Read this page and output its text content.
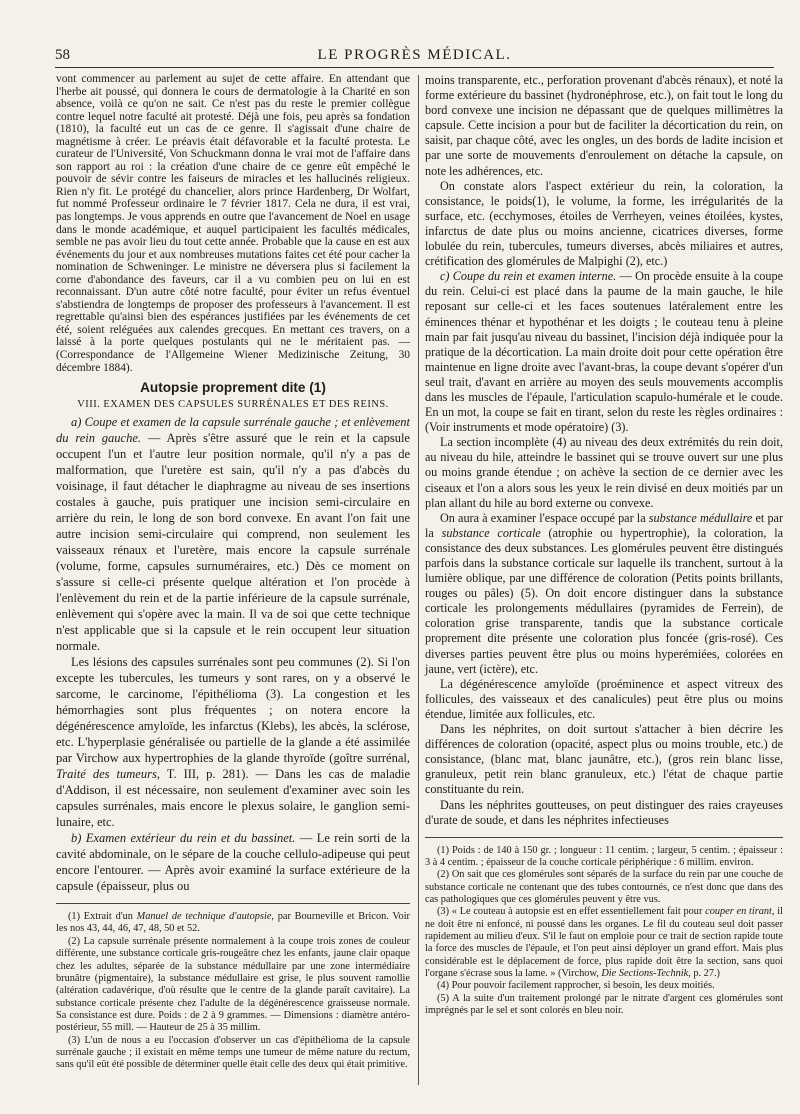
58	LE PROGRÈS MÉDICAL.

vont commencer au parlement au sujet de cette affaire. En attendant que l'herbe ait poussé, qui donnera le cours de dermatologie à la Charité en son absence, voilà ce qu'on ne sait. Ce n'est pas du reste le premier collègue contre lequel notre faculté ait protesté. Déjà une fois, peu après sa fondation (1810), la faculté eut un cas de ce genre. Il s'agissait d'une chaire de magnétisme à créer. Le préavis était défavorable et la faculté protesta. Le curateur de l'Université, Von Schuckmann donna le vrai mot de l'affaire dans son rapport au roi : la création d'une chaire de ce genre eût empêché le pouvoir de sévir contre les faiseurs de miracles et les hallucinés religieux. Rien n'y fit. Le protégé du chancelier, alors prince Hardenberg, Dr Wolfart, fut nommé Professeur ordinaire le 7 février 1817. Cela ne dura, il est vrai, pas longtemps. Je vous apprends en outre que l'avancement de Noel en usage dans le monde académique, et auquel participaient les facultés médicales, semble ne pas avoir lieu du tout cette année. Probable que la cause en est aux événements du jour et aux nombreuses mutations faites cet été pour cacher la nomination de Schweninger. Le ministre ne déversera plus si facilement la corne d'abondance des faveurs, car il a vu combien peu on lui en est reconnaissant. D'un autre côté notre faculté, pour éviter un refus éventuel s'abstiendra de longtemps de proposer des professeurs à l'avancement. Il est regrettable qu'ainsi bien des espérances justifiées par les événements de cet été, soient reléguées aux calendes grecques. En mettant ces travers, on a laissé à la porte quelques postulants qui ne le méritaient pas. — (Correspondance de l'Allgemeine Wiener Medizinische Zeitung, 30 décembre 1884).

Autopsie proprement dite (1)
VIII. EXAMEN DES CAPSULES SURRÉNALES ET DES REINS.

a) Coupe et examen de la capsule surrénale gauche ; et enlèvement du rein gauche. — Après s'être assuré que le rein et la capsule occupent l'un et l'autre leur position normale, qu'il n'y a pas de malformation, que l'uretère est sain, qu'il n'y a pas d'abcès du voisinage, il faut détacher le diaphragme au niveau de ses insertions costales à gauche, puis pratiquer une incision semi-circulaire en arrière du rein, le long de son bord convexe. En avant l'on fait une autre incision semi-circulaire qui comprend, non seulement les vaisseaux rénaux et l'uretère, mais encore la capsule surrénale (volume, forme, capsules surnuméraires, etc.) Dès ce moment on s'assure si celle-ci présente quelque altération et l'on procède à l'enlèvement du rein et de la partie inférieure de la capsule surrénale, enlèvement qui s'opère avec la main. Il va de soi que cette technique n'est applicable que si la capsule et le rein occupent leur situation normale.

Les lésions des capsules surrénales sont peu communes (2). Si l'on excepte les tubercules, les tumeurs y sont rares, on y a observé le sarcome, le carcinome, l'épithélioma (3). La congestion et les hémorrhagies sont plus fréquentes ; on notera encore la dégénérescence amyloïde, les infarctus (Klebs), les abcès, la sclérose, etc. L'hyperplasie généralisée ou partielle de la glande a été assimilée par Virchow aux hypertrophies de la glande thyroïde (goître surrénal, Traité des tumeurs, T. III, p. 281). — Dans les cas de maladie d'Addison, il est nécessaire, non seulement d'examiner avec soin les capsules surrénales, mais encore le plexus solaire, le ganglion semi-lunaire, etc.

b) Examen extérieur du rein et du bassinet. — Le rein sorti de la cavité abdominale, on le sépare de la couche cellulo-adipeuse qui peut encore l'entourer. — Après avoir examiné la surface extérieure de la capsule (épaisseur, plus ou

(1) Extrait d'un Manuel de technique d'autopsie, par Bourneville et Bricon. Voir les nos 43, 44, 46, 47, 48, 50 et 52.

(2) La capsule surrénale présente normalement à la coupe trois zones de couleur différente, une substance corticale gris-rougeâtre chez les enfants, jaune clair opaque chez les adultes, séparée de la substance médullaire par une zone intermédiaire brunâtre (pigmentaire), la substance médullaire est grise, le plus souvent ramollie (altération cadavérique, d'où résulte que le centre de la glande paraît cavitaire). La substance corticale présente chez l'adulte de la dégénérescence graisseuse normale. Sa consistance est dure. Poids : de 2 à 9 grammes. — Dimensions : diamètre antéro-postérieur, 55 mill. — Hauteur de 25 à 35 millim.

(3) L'un de nous a eu l'occasion d'observer un cas d'épithélioma de la capsule surrénale gauche ; il existait en même temps une tumeur de même nature du rectum, sans qu'il eût été possible de déterminer quelle était celle des deux qui était primitive.

moins transparente, etc., perforation provenant d'abcès rénaux), et noté la forme extérieure du bassinet (hydronéphrose, etc.), on fait tout le long du bord convexe une incision ne dépassant que de quelques millimètres la capsule. Cette incision a pour but de faciliter la décortication du rein, on saisit, par chaque côté, avec les ongles, un des bords de ladite incision et par une sorte de mouvements d'enroulement on détache la capsule, on note les adhérences, etc.

On constate alors l'aspect extérieur du rein, la coloration, la consistance, le poids(1), le volume, la forme, les irrégularités de la surface, etc. (ecchymoses, étoiles de Verrheyen, veines étoilées, kystes, infarctus de date plus ou moins ancienne, cicatrices diverses, forme lobulée du rein, tubercules, tumeurs diverses, abcès miliaires et autres, crétification des glomérules de Malpighi (2), etc.)

c) Coupe du rein et examen interne. — On procède ensuite à la coupe du rein. Celui-ci est placé dans la paume de la main gauche, le hile reposant sur celle-ci et les faces soutenues latéralement entre les éminences thénar et hypothénar et les doigts ; le couteau tenu à pleine main par fait jusqu'au niveau du bassinet, l'incision déjà indiquée pour la pratique de la décortication. La main droite doit pour cette opération être maintenue en ligne droite avec l'avant-bras, la coupe devant s'opérer d'un seul trait, d'avant en arrière au moyen des seuls mouvements accomplis dans les muscles de l'épaule, l'articulation scapulo-humérale et le coude. En un mot, la coupe se fait en tirant, selon du reste les règles ordinaires : (Voir instruments et mode opératoire) (3).

La section incomplète (4) au niveau des deux extrémités du rein doit, au niveau du hile, atteindre le bassinet qui se trouve ouvert sur une plus ou moins grande étendue ; on achève la section de ce dernier avec les ciseaux et l'on a alors sous les yeux le rein divisé en deux moitiés par un plan allant du hile au bord externe ou convexe.

On aura à examiner l'espace occupé par la substance médullaire et par la substance corticale (atrophie ou hypertrophie), la coloration, la consistance des deux substances. Les glomérules peuvent être distingués parfois dans la substance corticale sur laquelle ils tranchent, surtout à la lumière oblique, par une différence de coloration (Petits points brillants, rouges ou pâles) (5). On doit encore distinguer dans la substance corticale les prolongements médullaires (pyramides de Ferrein), de coloration grise transparente, tandis que la substance corticale proprement dite présente une coloration plus foncée (gris-rosé). Ces diverses parties peuvent être plus ou moins hyperémiées, colorées en jaune, vert (ictère), etc.

La dégénérescence amyloïde (proéminence et aspect vitreux des follicules, des vaisseaux et des canalicules) peut être plus ou moins étendue, limitée aux follicules, etc.

Dans les néphrites, on doit surtout s'attacher à bien décrire les différences de coloration (opacité, aspect plus ou moins trouble, etc.) de consistance, (blanc mat, blanc jaunâtre, etc.), (gros rein blanc lisse, granuleux, petit rein blanc granuleux, etc.) l'état de chaque partie constituante du rein.

Dans les néphrites goutteuses, on peut distinguer des raies crayeuses d'urate de soude, et dans les néphrites infectieuses

(1) Poids : de 140 à 150 gr. ; longueur : 11 centim. ; largeur, 5 centim. ; épaisseur : 3 à 4 centim. ; épaisseur de la couche corticale périphérique : 6 millim. environ.

(2) On sait que ces glomérules sont séparés de la surface du rein par une couche de substance corticale ne contenant que des tubes contournés, ce n'est donc que dans des cas pathologiques que ces glomérules peuvent y être vus.

(3) « Le couteau à autopsie est en effet essentiellement fait pour couper en tirant, il ne doit être ni enfoncé, ni poussé dans les organes. Le fil du couteau seul doit passer rapidement au milieu d'eux. S'il le faut on emploie pour ce trait de section rapide toute la force des muscles de l'épaule, et l'on peut ainsi déployer un grand effort. Mais plus considérable est le déplacement de force, plus rapide doit être la section, sans quoi l'organe s'écrase sous la lame. » (Virchow, Die Sections-Technik, p. 27.)

(4) Pour pouvoir facilement rapprocher, si besoin, les deux moitiés.

(5) A la suite d'un traitement prolongé par le nitrate d'argent ces glomérules sont imprégnés par le sel et sont colorés en bleu noir.
